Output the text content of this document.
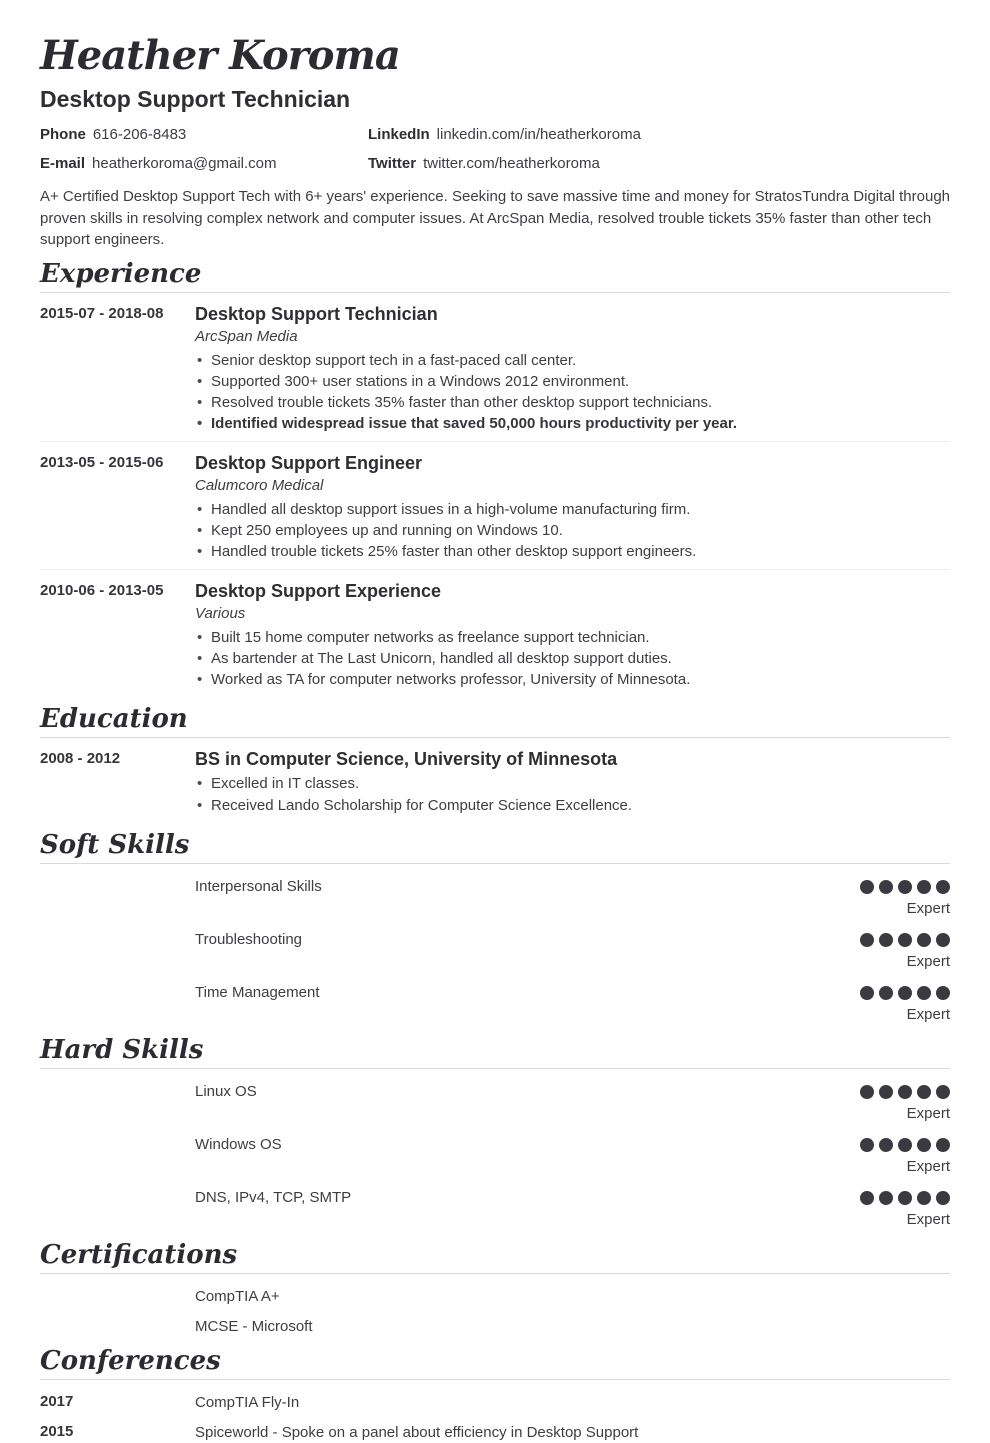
Heather Koroma
Desktop Support Technician
Phone 616-206-8483	LinkedIn linkedin.com/in/heatherkoroma
E-mail heatherkoroma@gmail.com	Twitter twitter.com/heatherkoroma

A+ Certified Desktop Support Tech with 6+ years' experience. Seeking to save massive time and money for StratosTundra Digital through proven skills in resolving complex network and computer issues. At ArcSpan Media, resolved trouble tickets 35% faster than other tech support engineers.

Experience
2015-07 - 2018-08	Desktop Support Technician
ArcSpan Media
• Senior desktop support tech in a fast-paced call center.
• Supported 300+ user stations in a Windows 2012 environment.
• Resolved trouble tickets 35% faster than other desktop support technicians.
• Identified widespread issue that saved 50,000 hours productivity per year.
2013-05 - 2015-06	Desktop Support Engineer
Calumcoro Medical
• Handled all desktop support issues in a high-volume manufacturing firm.
• Kept 250 employees up and running on Windows 10.
• Handled trouble tickets 25% faster than other desktop support engineers.
2010-06 - 2013-05	Desktop Support Experience
Various
• Built 15 home computer networks as freelance support technician.
• As bartender at The Last Unicorn, handled all desktop support duties.
• Worked as TA for computer networks professor, University of Minnesota.
Education
2008 - 2012	BS in Computer Science, University of Minnesota
• Excelled in IT classes.
• Received Lando Scholarship for Computer Science Excellence.
Soft Skills
Interpersonal Skills
Expert
Troubleshooting
Expert
Time Management
Expert
Hard Skills
Linux OS
Expert
Windows OS
Expert
DNS, IPv4, TCP, SMTP
Expert
Certifications
CompTIA A+
MCSE - Microsoft
Conferences
2017	CompTIA Fly-In
2015	Spiceworld - Spoke on a panel about efficiency in Desktop Support
